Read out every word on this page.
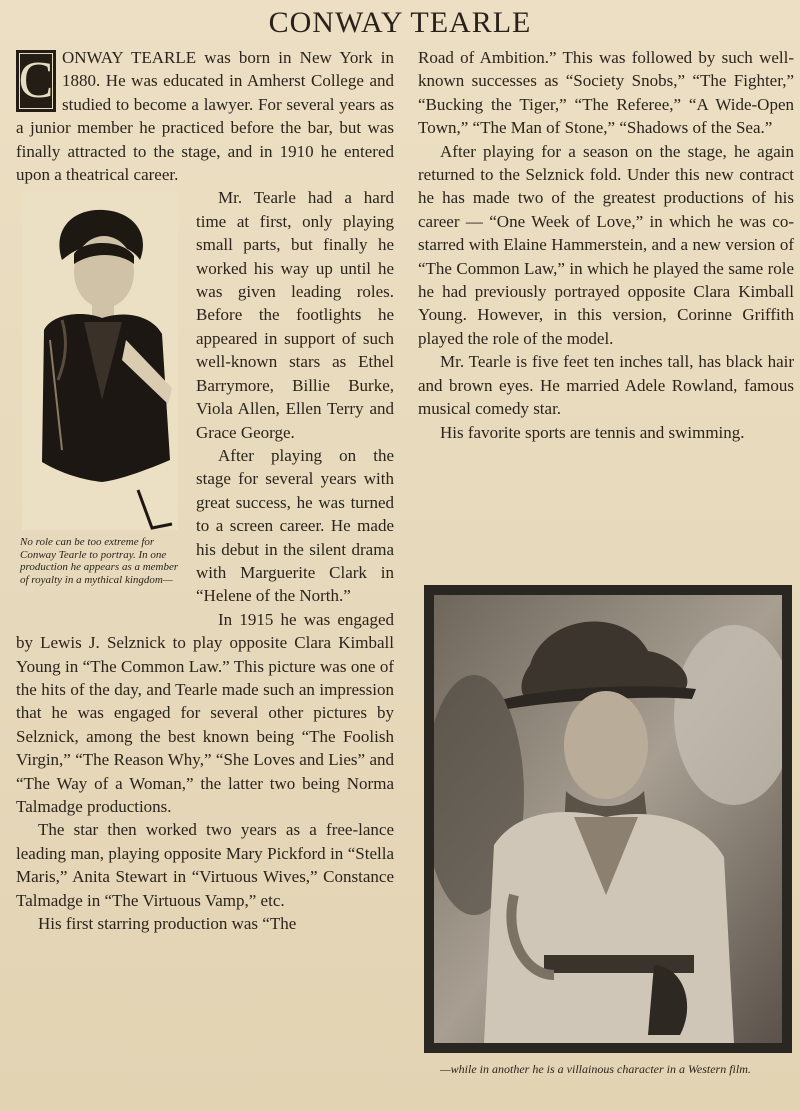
CONWAY TEARLE

C ONWAY TEARLE was born in New York in 1880. He was educated in Amherst College and studied to become a lawyer. For several years as a junior member he practiced before the bar, but was finally attracted to the stage, and in 1910 he entered upon a theatrical career.

No role can be too extreme for Conway Tearle to portray. In one production he appears as a member of royalty in a mythical kingdom—

Mr. Tearle had a hard time at first, only playing small parts, but finally he worked his way up until he was given leading roles. Before the footlights he appeared in support of such well-known stars as Ethel Barrymore, Billie Burke, Viola Allen, Ellen Terry and Grace George.

After playing on the stage for several years with great success, he was turned to a screen career. He made his debut in the silent drama with Marguerite Clark in “Helene of the North.”

In 1915 he was engaged by Lewis J. Selznick to play opposite Clara Kimball Young in “The Common Law.” This picture was one of the hits of the day, and Tearle made such an impression that he was engaged for several other pictures by Selznick, among the best known being “The Foolish Virgin,” “The Reason Why,” “She Loves and Lies” and “The Way of a Woman,” the latter two being Norma Talmadge productions.

The star then worked two years as a free-lance leading man, playing opposite Mary Pickford in “Stella Maris,” Anita Stewart in “Virtuous Wives,” Constance Talmadge in “The Virtuous Vamp,” etc.

His first starring production was “The

Road of Ambition.” This was followed by such well-known successes as “Society Snobs,” “The Fighter,” “Bucking the Tiger,” “The Referee,” “A Wide-Open Town,” “The Man of Stone,” “Shadows of the Sea.”

After playing for a season on the stage, he again returned to the Selznick fold. Under this new contract he has made two of the greatest productions of his career — “One Week of Love,” in which he was co-starred with Elaine Hammerstein, and a new version of “The Common Law,” in which he played the same role he had previously portrayed opposite Clara Kimball Young. However, in this version, Corinne Griffith played the role of the model.

Mr. Tearle is five feet ten inches tall, has black hair and brown eyes. He married Adele Rowland, famous musical comedy star.

His favorite sports are tennis and swimming.

—while in another he is a villainous character in a Western film.
